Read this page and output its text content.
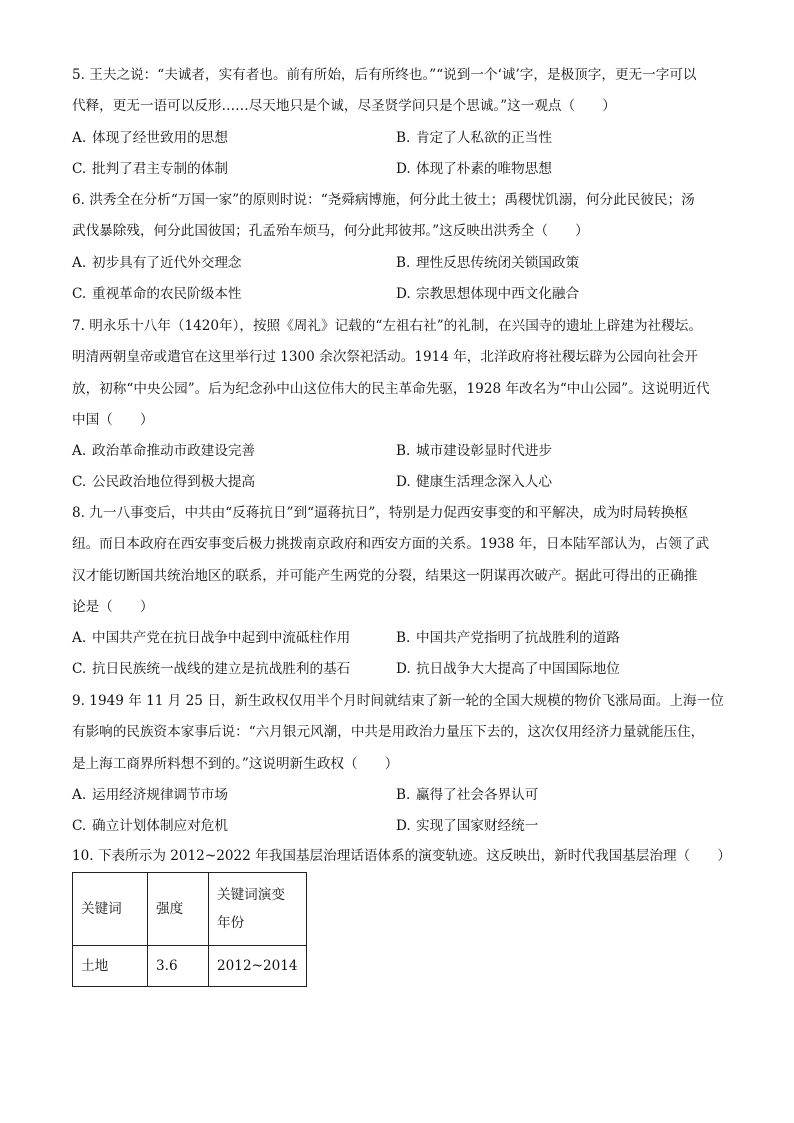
5. 王夫之说：“夫诚者，实有者也。前有所始，后有所终也。”“说到一个‘诚’字，是极顶字，更无一字可以
代释，更无一语可以反形……尽天地只是个诚，尽圣贤学问只是个思诚。”这一观点（　　）
A. 体现了经世致用的思想	B. 肯定了人私欲的正当性
C. 批判了君主专制的体制	D. 体现了朴素的唯物思想
6. 洪秀全在分析“万国一家”的原则时说：“尧舜病博施，何分此土彼土；禹稷忧饥溺，何分此民彼民；汤
武伐暴除残，何分此国彼国；孔孟殆车烦马，何分此邦彼邦。”这反映出洪秀全（　　）
A. 初步具有了近代外交理念	B. 理性反思传统闭关锁国政策
C. 重视革命的农民阶级本性	D. 宗教思想体现中西文化融合
7. 明永乐十八年（1420年），按照《周礼》记载的“左祖右社”的礼制，在兴国寺的遗址上辟建为社稷坛。
明清两朝皇帝或遣官在这里举行过 1300 余次祭祀活动。1914 年，北洋政府将社稷坛辟为公园向社会开
放，初称“中央公园”。后为纪念孙中山这位伟大的民主革命先驱，1928 年改名为“中山公园”。这说明近代
中国（　　）
A. 政治革命推动市政建设完善	B. 城市建设彰显时代进步
C. 公民政治地位得到极大提高	D. 健康生活理念深入人心
8. 九一八事变后，中共由“反蒋抗日”到“逼蒋抗日”，特别是力促西安事变的和平解决，成为时局转换枢
纽。而日本政府在西安事变后极力挑拨南京政府和西安方面的关系。1938 年，日本陆军部认为，占领了武
汉才能切断国共统治地区的联系，并可能产生两党的分裂，结果这一阴谋再次破产。据此可得出的正确推
论是（　　）
A. 中国共产党在抗日战争中起到中流砥柱作用	B. 中国共产党指明了抗战胜利的道路
C. 抗日民族统一战线的建立是抗战胜利的基石	D. 抗日战争大大提高了中国国际地位
9. 1949 年 11 月 25 日，新生政权仅用半个月时间就结束了新一轮的全国大规模的物价飞涨局面。上海一位
有影响的民族资本家事后说：“六月银元风潮，中共是用政治力量压下去的，这次仅用经济力量就能压住，
是上海工商界所料想不到的。”这说明新生政权（　　）
A. 运用经济规律调节市场	B. 赢得了社会各界认可
C. 确立计划体制应对危机	D. 实现了国家财经统一
10. 下表所示为 2012~2022 年我国基层治理话语体系的演变轨迹。这反映出，新时代我国基层治理（　　）
关键词	强度	关键词演变
年份

土地	3.6	2012~2014
